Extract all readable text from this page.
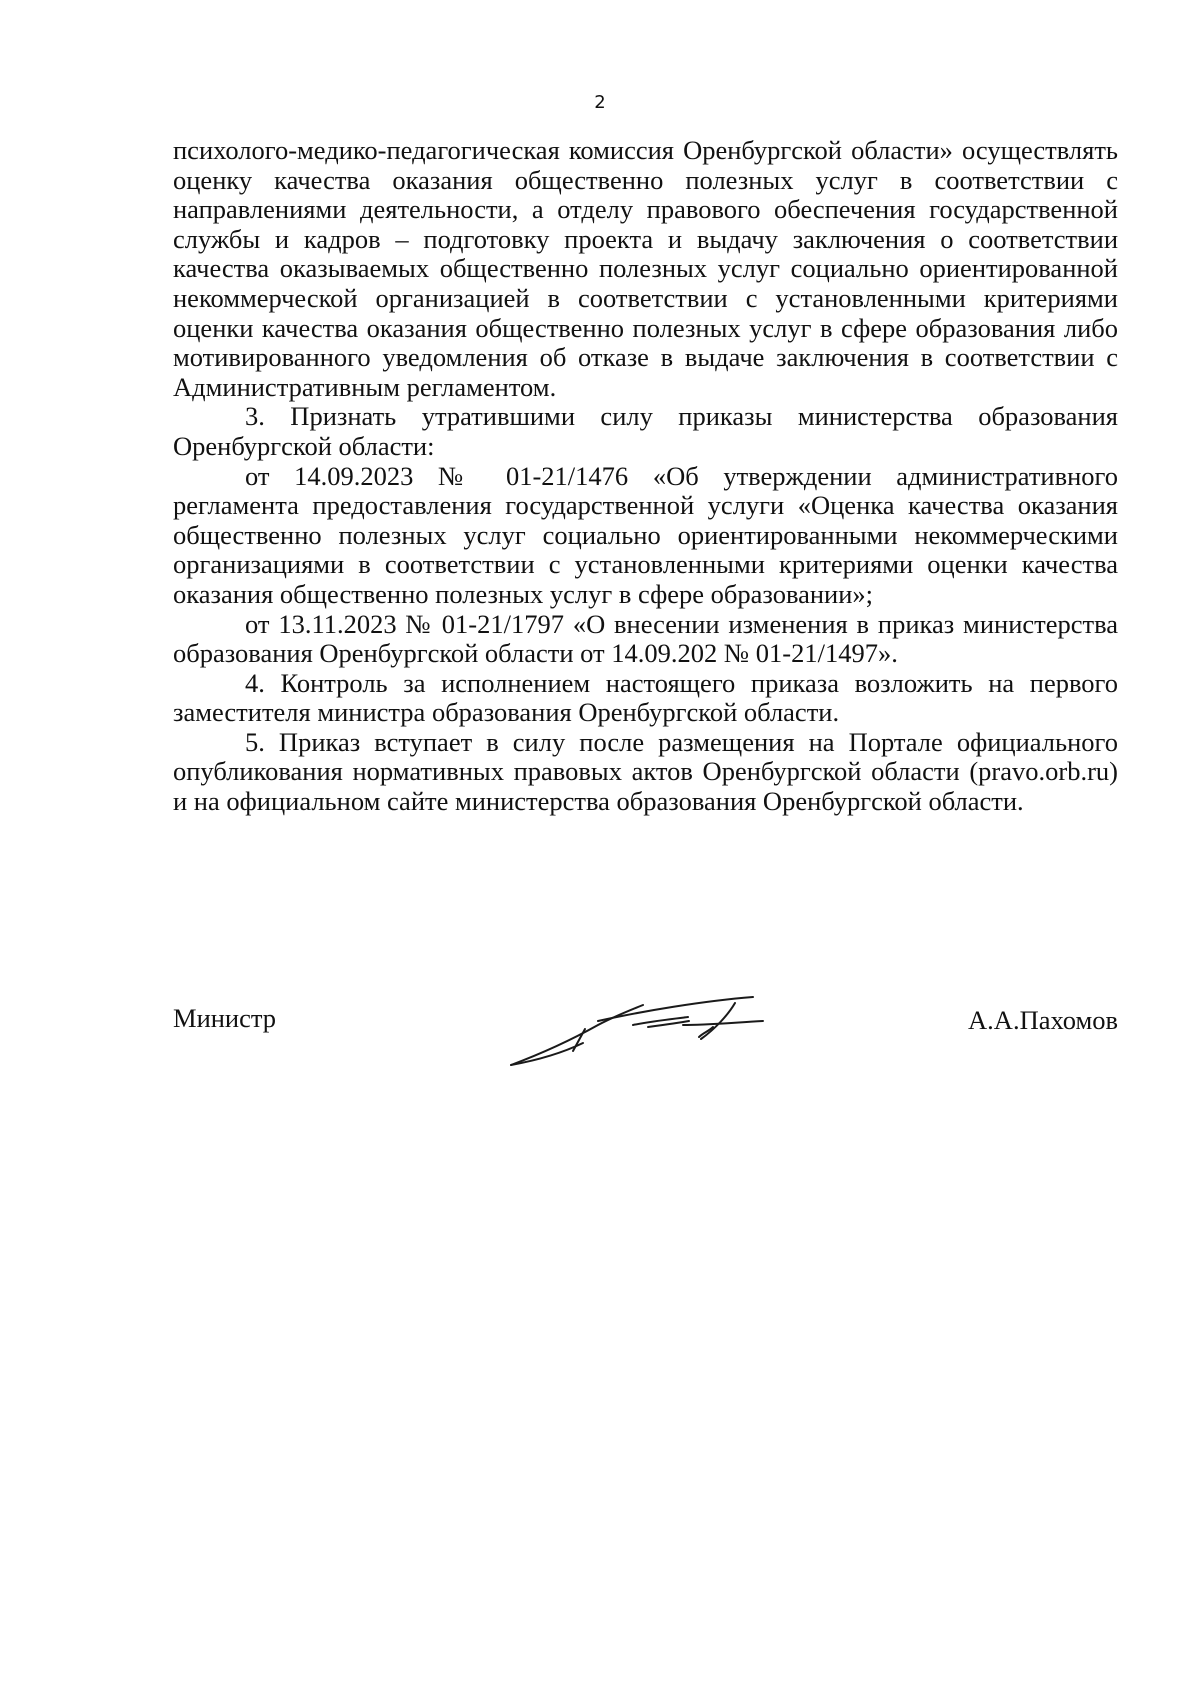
2

психолого-медико-педагогическая комиссия Оренбургской области» осуществлять оценку качества оказания общественно полезных услуг в соответствии с направлениями деятельности, а отделу правового обеспечения государственной службы и кадров – подготовку проекта и выдачу заключения о соответствии качества оказываемых общественно полезных услуг социально ориентированной некоммерческой организацией в соответствии с установленными критериями оценки качества оказания общественно полезных услуг в сфере образования либо мотивированного уведомления об отказе в выдаче заключения в соответствии с Административным регламентом.

3. Признать утратившими силу приказы министерства образования Оренбургской области:

от 14.09.2023 № 01-21/1476 «Об утверждении административного регламента предоставления государственной услуги «Оценка качества оказания общественно полезных услуг социально ориентированными некоммерческими организациями в соответствии с установленными критериями оценки качества оказания общественно полезных услуг в сфере образовании»;

от 13.11.2023 № 01-21/1797 «О внесении изменения в приказ министерства образования Оренбургской области от 14.09.202 № 01-21/1497».

4. Контроль за исполнением настоящего приказа возложить на первого заместителя министра образования Оренбургской области.

5. Приказ вступает в силу после размещения на Портале официального опубликования нормативных правовых актов Оренбургской области (pravo.orb.ru) и на официальном сайте министерства образования Оренбургской области.

Министр	А.А.Пахомов
